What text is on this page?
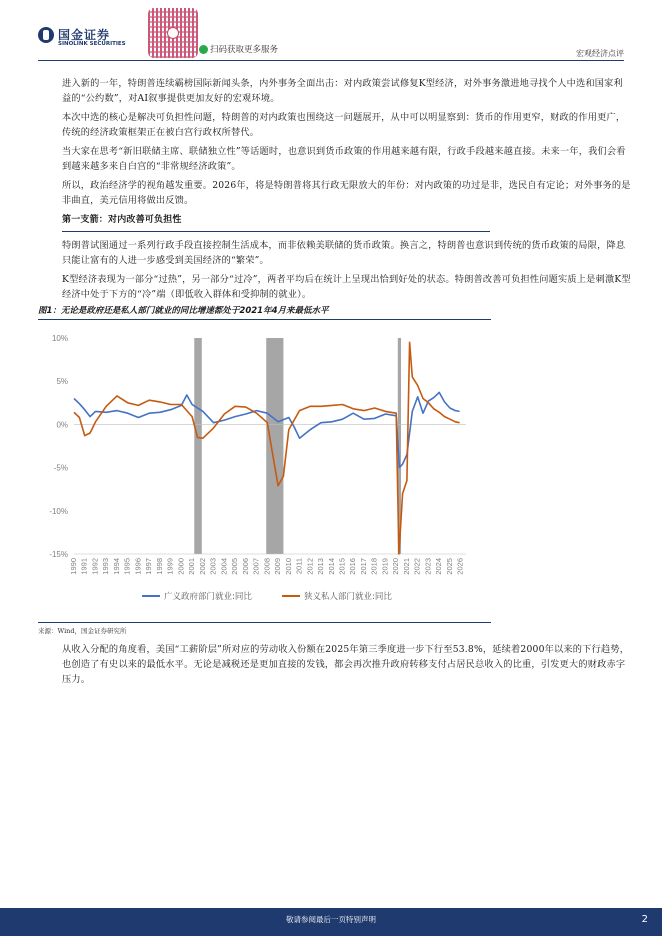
国金证券
SINOLINK SECURITIES
扫码获取更多服务	宏观经济点评
进入新的一年，特朗普连续霸榜国际新闻头条，内外事务全面出击：对内政策尝试修复K型经济，对外事务激进地寻找个人中选和国家利益的“公约数”，对AI叙事提供更加友好的宏观环境。
本次中选的核心是解决可负担性问题，特朗普的对内政策也围绕这一问题展开，从中可以明显察到：货币的作用更窄，财政的作用更广，传统的经济政策框架正在被白宫行政权所替代。
当大家在思考“新旧联储主席、联储独立性”等话题时，也意识到货币政策的作用越来越有限，行政手段越来越直接。未来一年，我们会看到越来越多来自白宫的“非常规经济政策”。
所以，政治经济学的视角越发重要。2026年，将是特朗普将其行政无限放大的年份：对内政策的功过是非，选民自有定论；对外事务的是非曲直，美元信用将做出反馈。
第一支箭：对内改善可负担性
特朗普试图通过一系列行政手段直接控制生活成本，而非依赖美联储的货币政策。换言之，特朗普也意识到传统的货币政策的局限，降息只能让富有的人进一步感受到美国经济的“繁荣”。
K型经济表现为一部分“过热”，另一部分“过冷”，两者平均后在统计上呈现出恰到好处的状态。特朗普改善可负担性问题实质上是刺激K型经济中处于下方的“冷”端（即低收入群体和受抑制的就业）。
图1：无论是政府还是私人部门就业的同比增速都处于2021年4月来最低水平
10%
5%
0%
-5%
-10%
-15%
1990 1991 1992 1993 1994 1995 1996 1997 1998 1999 2000 2001 2002 2003 2004 2005 2006 2007 2008 2009 2010 2011 2012 2013 2014 2015 2016 2017 2018 2019 2020 2021 2022 2023 2024 2025 2026
广义政府部门就业:同比	狭义私人部门就业:同比
来源：Wind，国金证券研究所
从收入分配的角度看，美国“工薪阶层”所对应的劳动收入份额在2025年第三季度进一步下行至53.8%，延续着2000年以来的下行趋势，也创造了有史以来的最低水平。无论是减税还是更加直接的发钱，都会再次推升政府转移支付占居民总收入的比重，引发更大的财政赤字压力。
敬请参阅最后一页特别声明	2
